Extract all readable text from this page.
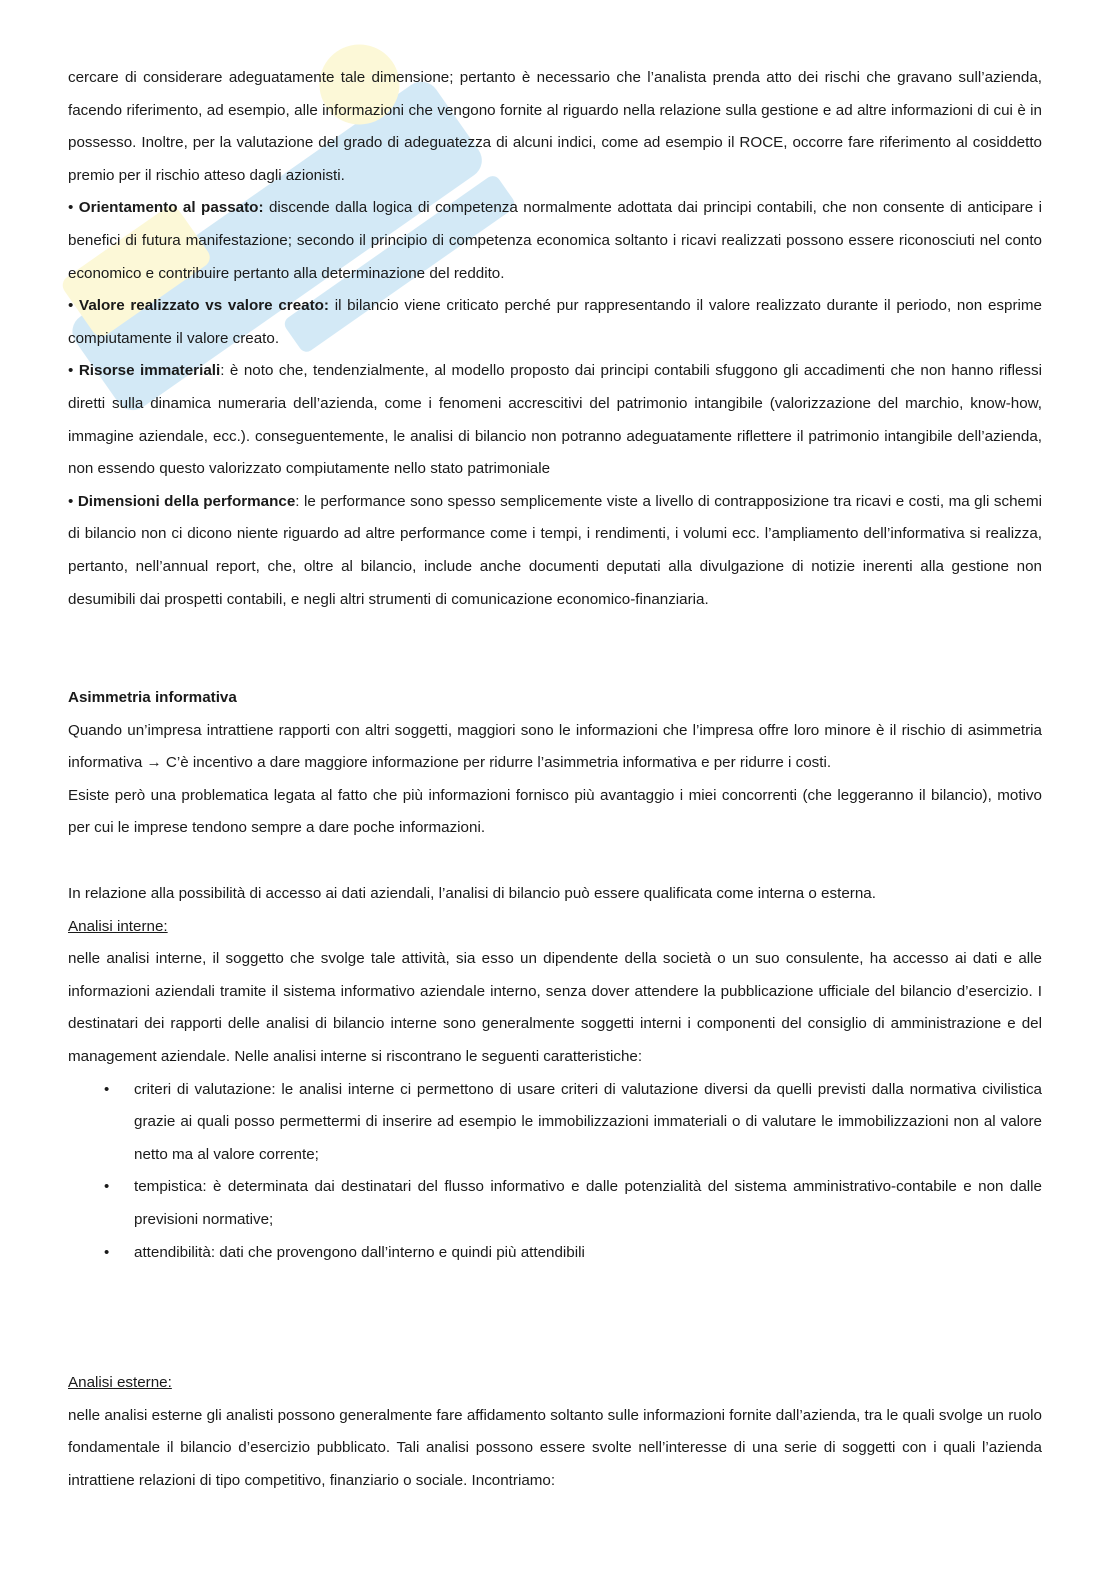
cercare di considerare adeguatamente tale dimensione; pertanto è necessario che l’analista prenda atto dei rischi che gravano sull’azienda, facendo riferimento, ad esempio, alle informazioni che vengono fornite al riguardo nella relazione sulla gestione e ad altre informazioni di cui è in possesso. Inoltre, per la valutazione del grado di adeguatezza di alcuni indici, come ad esempio il ROCE, occorre fare riferimento al cosiddetto premio per il rischio atteso dagli azionisti.

• Orientamento al passato: discende dalla logica di competenza normalmente adottata dai principi contabili, che non consente di anticipare i benefici di futura manifestazione; secondo il principio di competenza economica soltanto i ricavi realizzati possono essere riconosciuti nel conto economico e contribuire pertanto alla determinazione del reddito.

• Valore realizzato vs valore creato: il bilancio viene criticato perché pur rappresentando il valore realizzato durante il periodo, non esprime compiutamente il valore creato.

• Risorse immateriali: è noto che, tendenzialmente, al modello proposto dai principi contabili sfuggono gli accadimenti che non hanno riflessi diretti sulla dinamica numeraria dell’azienda, come i fenomeni accrescitivi del patrimonio intangibile (valorizzazione del marchio, know-how, immagine aziendale, ecc.). conseguentemente, le analisi di bilancio non potranno adeguatamente riflettere il patrimonio intangibile dell’azienda, non essendo questo valorizzato compiutamente nello stato patrimoniale

• Dimensioni della performance: le performance sono spesso semplicemente viste a livello di contrapposizione tra ricavi e costi, ma gli schemi di bilancio non ci dicono niente riguardo ad altre performance come i tempi, i rendimenti, i volumi ecc. l’ampliamento dell’informativa si realizza, pertanto, nell’annual report, che, oltre al bilancio, include anche documenti deputati alla divulgazione di notizie inerenti alla gestione non desumibili dai prospetti contabili, e negli altri strumenti di comunicazione economico-finanziaria.

Asimmetria informativa

Quando un’impresa intrattiene rapporti con altri soggetti, maggiori sono le informazioni che l’impresa offre loro minore è il rischio di asimmetria informativa → C’è incentivo a dare maggiore informazione per ridurre l’asimmetria informativa e per ridurre i costi.

Esiste però una problematica legata al fatto che più informazioni fornisco più avantaggio i miei concorrenti (che leggeranno il bilancio), motivo per cui le imprese tendono sempre a dare poche informazioni.

In relazione alla possibilità di accesso ai dati aziendali, l’analisi di bilancio può essere qualificata come interna o esterna.

Analisi interne:

nelle analisi interne, il soggetto che svolge tale attività, sia esso un dipendente della società o un suo consulente, ha accesso ai dati e alle informazioni aziendali tramite il sistema informativo aziendale interno, senza dover attendere la pubblicazione ufficiale del bilancio d’esercizio. I destinatari dei rapporti delle analisi di bilancio interne sono generalmente soggetti interni i componenti del consiglio di amministrazione e del management aziendale. Nelle analisi interne si riscontrano le seguenti caratteristiche:

• criteri di valutazione: le analisi interne ci permettono di usare criteri di valutazione diversi da quelli previsti dalla normativa civilistica grazie ai quali posso permettermi di inserire ad esempio le immobilizzazioni immateriali o di valutare le immobilizzazioni non al valore netto ma al valore corrente;
• tempistica: è determinata dai destinatari del flusso informativo e dalle potenzialità del sistema amministrativo-contabile e non dalle previsioni normative;
• attendibilità: dati che provengono dall’interno e quindi più attendibili

Analisi esterne:

nelle analisi esterne gli analisti possono generalmente fare affidamento soltanto sulle informazioni fornite dall’azienda, tra le quali svolge un ruolo fondamentale il bilancio d’esercizio pubblicato. Tali analisi possono essere svolte nell’interesse di una serie di soggetti con i quali l’azienda intrattiene relazioni di tipo competitivo, finanziario o sociale. Incontriamo:
